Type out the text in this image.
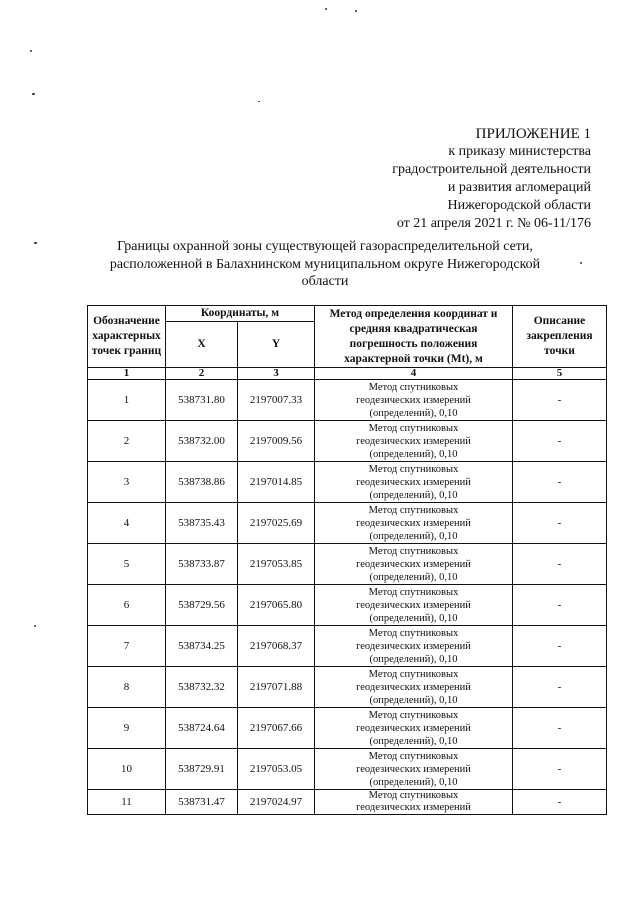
ПРИЛОЖЕНИЕ 1
к приказу министерства
градостроительной деятельности
и развития агломераций
Нижегородской области
от 21 апреля 2021 г. № 06-11/176
Границы охранной зоны существующей газораспределительной сети,
расположенной в Балахнинском муниципальном округе Нижегородской
области
Обозначение характерных точек границ	Координаты, м		Метод определения координат и средняя квадратическая погрешность положения характерной точки (Mt), м	Описание закрепления точки
	X	Y		
1	2	3	4	5
1	538731.80	2197007.33	Метод спутниковых
геодезических измерений
(определений), 0,10	-
2	538732.00	2197009.56	Метод спутниковых
геодезических измерений
(определений), 0,10	-
3	538738.86	2197014.85	Метод спутниковых
геодезических измерений
(определений), 0,10	-
4	538735.43	2197025.69	Метод спутниковых
геодезических измерений
(определений), 0,10	-
5	538733.87	2197053.85	Метод спутниковых
геодезических измерений
(определений), 0,10	-
6	538729.56	2197065.80	Метод спутниковых
геодезических измерений
(определений), 0,10	-
7	538734.25	2197068.37	Метод спутниковых
геодезических измерений
(определений), 0,10	-
8	538732.32	2197071.88	Метод спутниковых
геодезических измерений
(определений), 0,10	-
9	538724.64	2197067.66	Метод спутниковых
геодезических измерений
(определений), 0,10	-
10	538729.91	2197053.05	Метод спутниковых
геодезических измерений
(определений), 0,10	-
11	538731.47	2197024.97	Метод спутниковых
геодезических измерений	-
